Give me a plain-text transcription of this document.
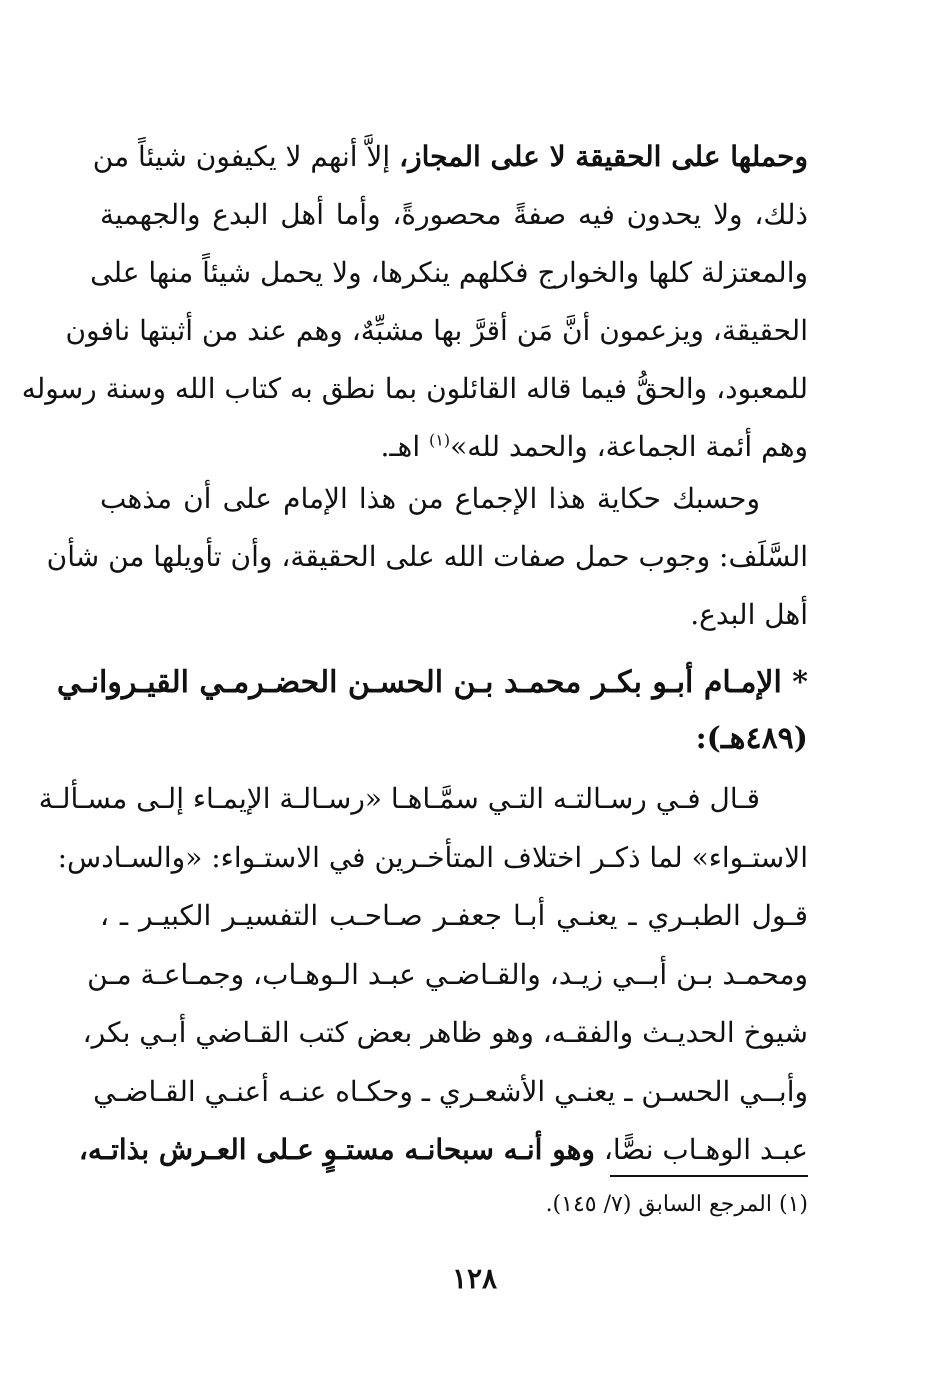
وحملها على الحقيقة لا على المجاز، إلاَّ أنهم لا يكيفون شيئاً من
ذلك، ولا يحدون فيه صفةً محصورةً، وأما أهل البدع والجهمية
والمعتزلة كلها والخوارج فكلهم ينكرها، ولا يحمل شيئاً منها على
الحقيقة، ويزعمون أنَّ مَن أقرَّ بها مشبِّهٌ، وهم عند من أثبتها نافون
للمعبود، والحقُّ فيما قاله القائلون بما نطق به كتاب الله وسنة رسوله
وهم أئمة الجماعة، والحمد لله»$^{(١)}$ اهـ.
وحسبك حكاية هذا الإجماع من هذا الإمام على أن مذهب
السَّلَف: وجوب حمل صفات الله على الحقيقة، وأن تأويلها من شأن
أهل البدع.
* الإمـام أبـو بكـر محمـد بـن الحسـن الحضـرمـي القيـروانـي
(٤٨٩هـ):
قـال فـي رسـالتـه التـي سمَّـاهـا «رسـالـة الإيمـاء إلـى مسـألـة
الاستـواء» لما ذكـر اختلاف المتأخـرين في الاستـواء: «والسـادس:
قـول الطبـري ـ يعنـي أبـا جعفـر صـاحـب التفسيـر الكبيـر ـ ،
ومحمـد بـن أبــي زيـد، والقـاضـي عبـد الـوهـاب، وجمـاعـة مـن
شيوخ الحديـث والفقـه، وهو ظاهر بعض كتب القـاضي أبـي بكر،
وأبــي الحسـن ـ يعنـي الأشعـري ـ وحكـاه عنـه أعنـي القـاضـي
عبـد الوهـاب نصًّا، وهو أنـه سبحانـه مستـوٍ عـلى العـرش بذاتـه،
(١) المرجع السابق (٧/ ١٤٥).
١٢٨
